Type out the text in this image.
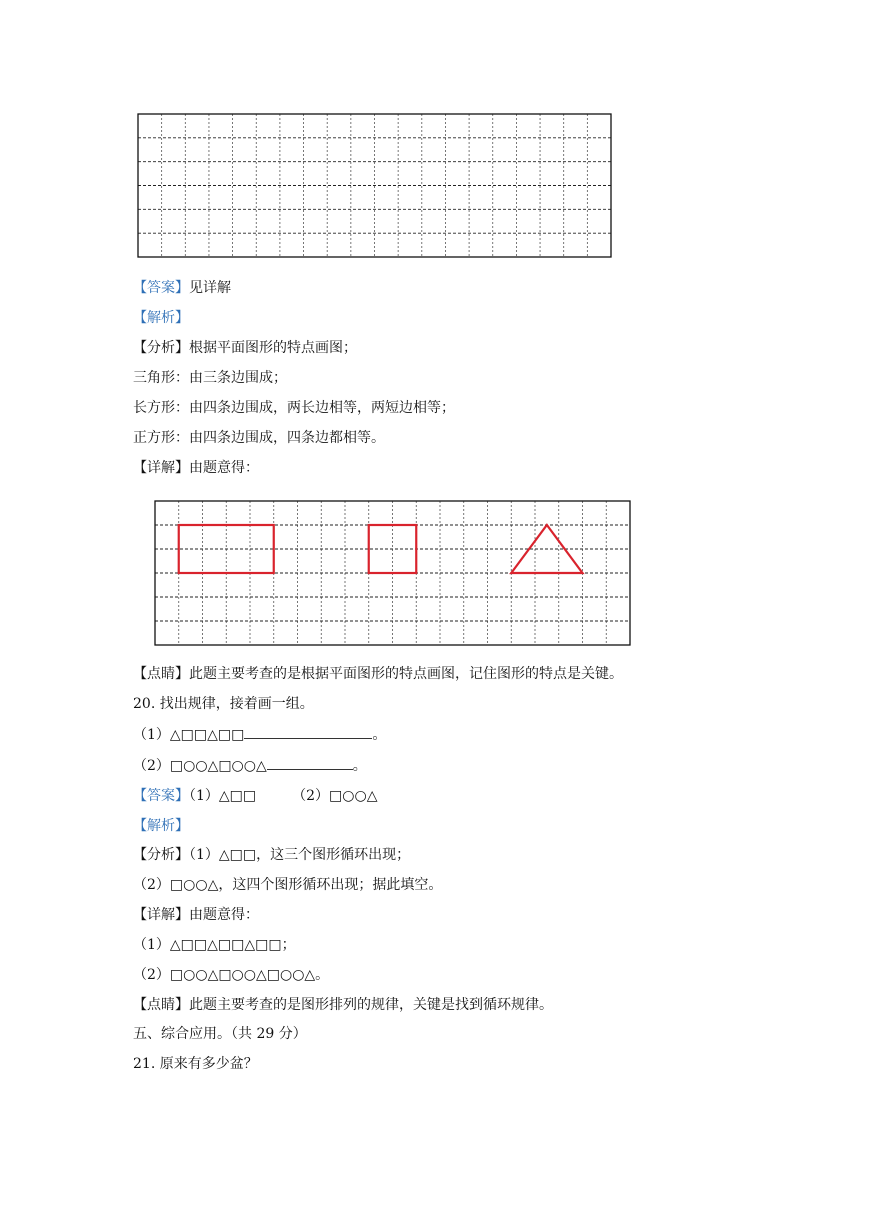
【答案】见详解
【解析】
【分析】根据平面图形的特点画图；
三角形：由三条边围成；
长方形：由四条边围成，两长边相等，两短边相等；
正方形：由四条边围成，四条边都相等。
【详解】由题意得：
【点睛】此题主要考查的是根据平面图形的特点画图，记住图形的特点是关键。
20. 找出规律，接着画一组。
（1）△□□△□□	。
（2）□○○△□○○△	。
【答案】（1）△□□	（2）□○○△
【解析】
【分析】（1）△□□，这三个图形循环出现；
（2）□○○△，这四个图形循环出现；据此填空。
【详解】由题意得：
（1）△□□△□□△□□；
（2）□○○△□○○△□○○△。
【点睛】此题主要考查的是图形排列的规律，关键是找到循环规律。
五、综合应用。（共 29 分）
21. 原来有多少盆？
